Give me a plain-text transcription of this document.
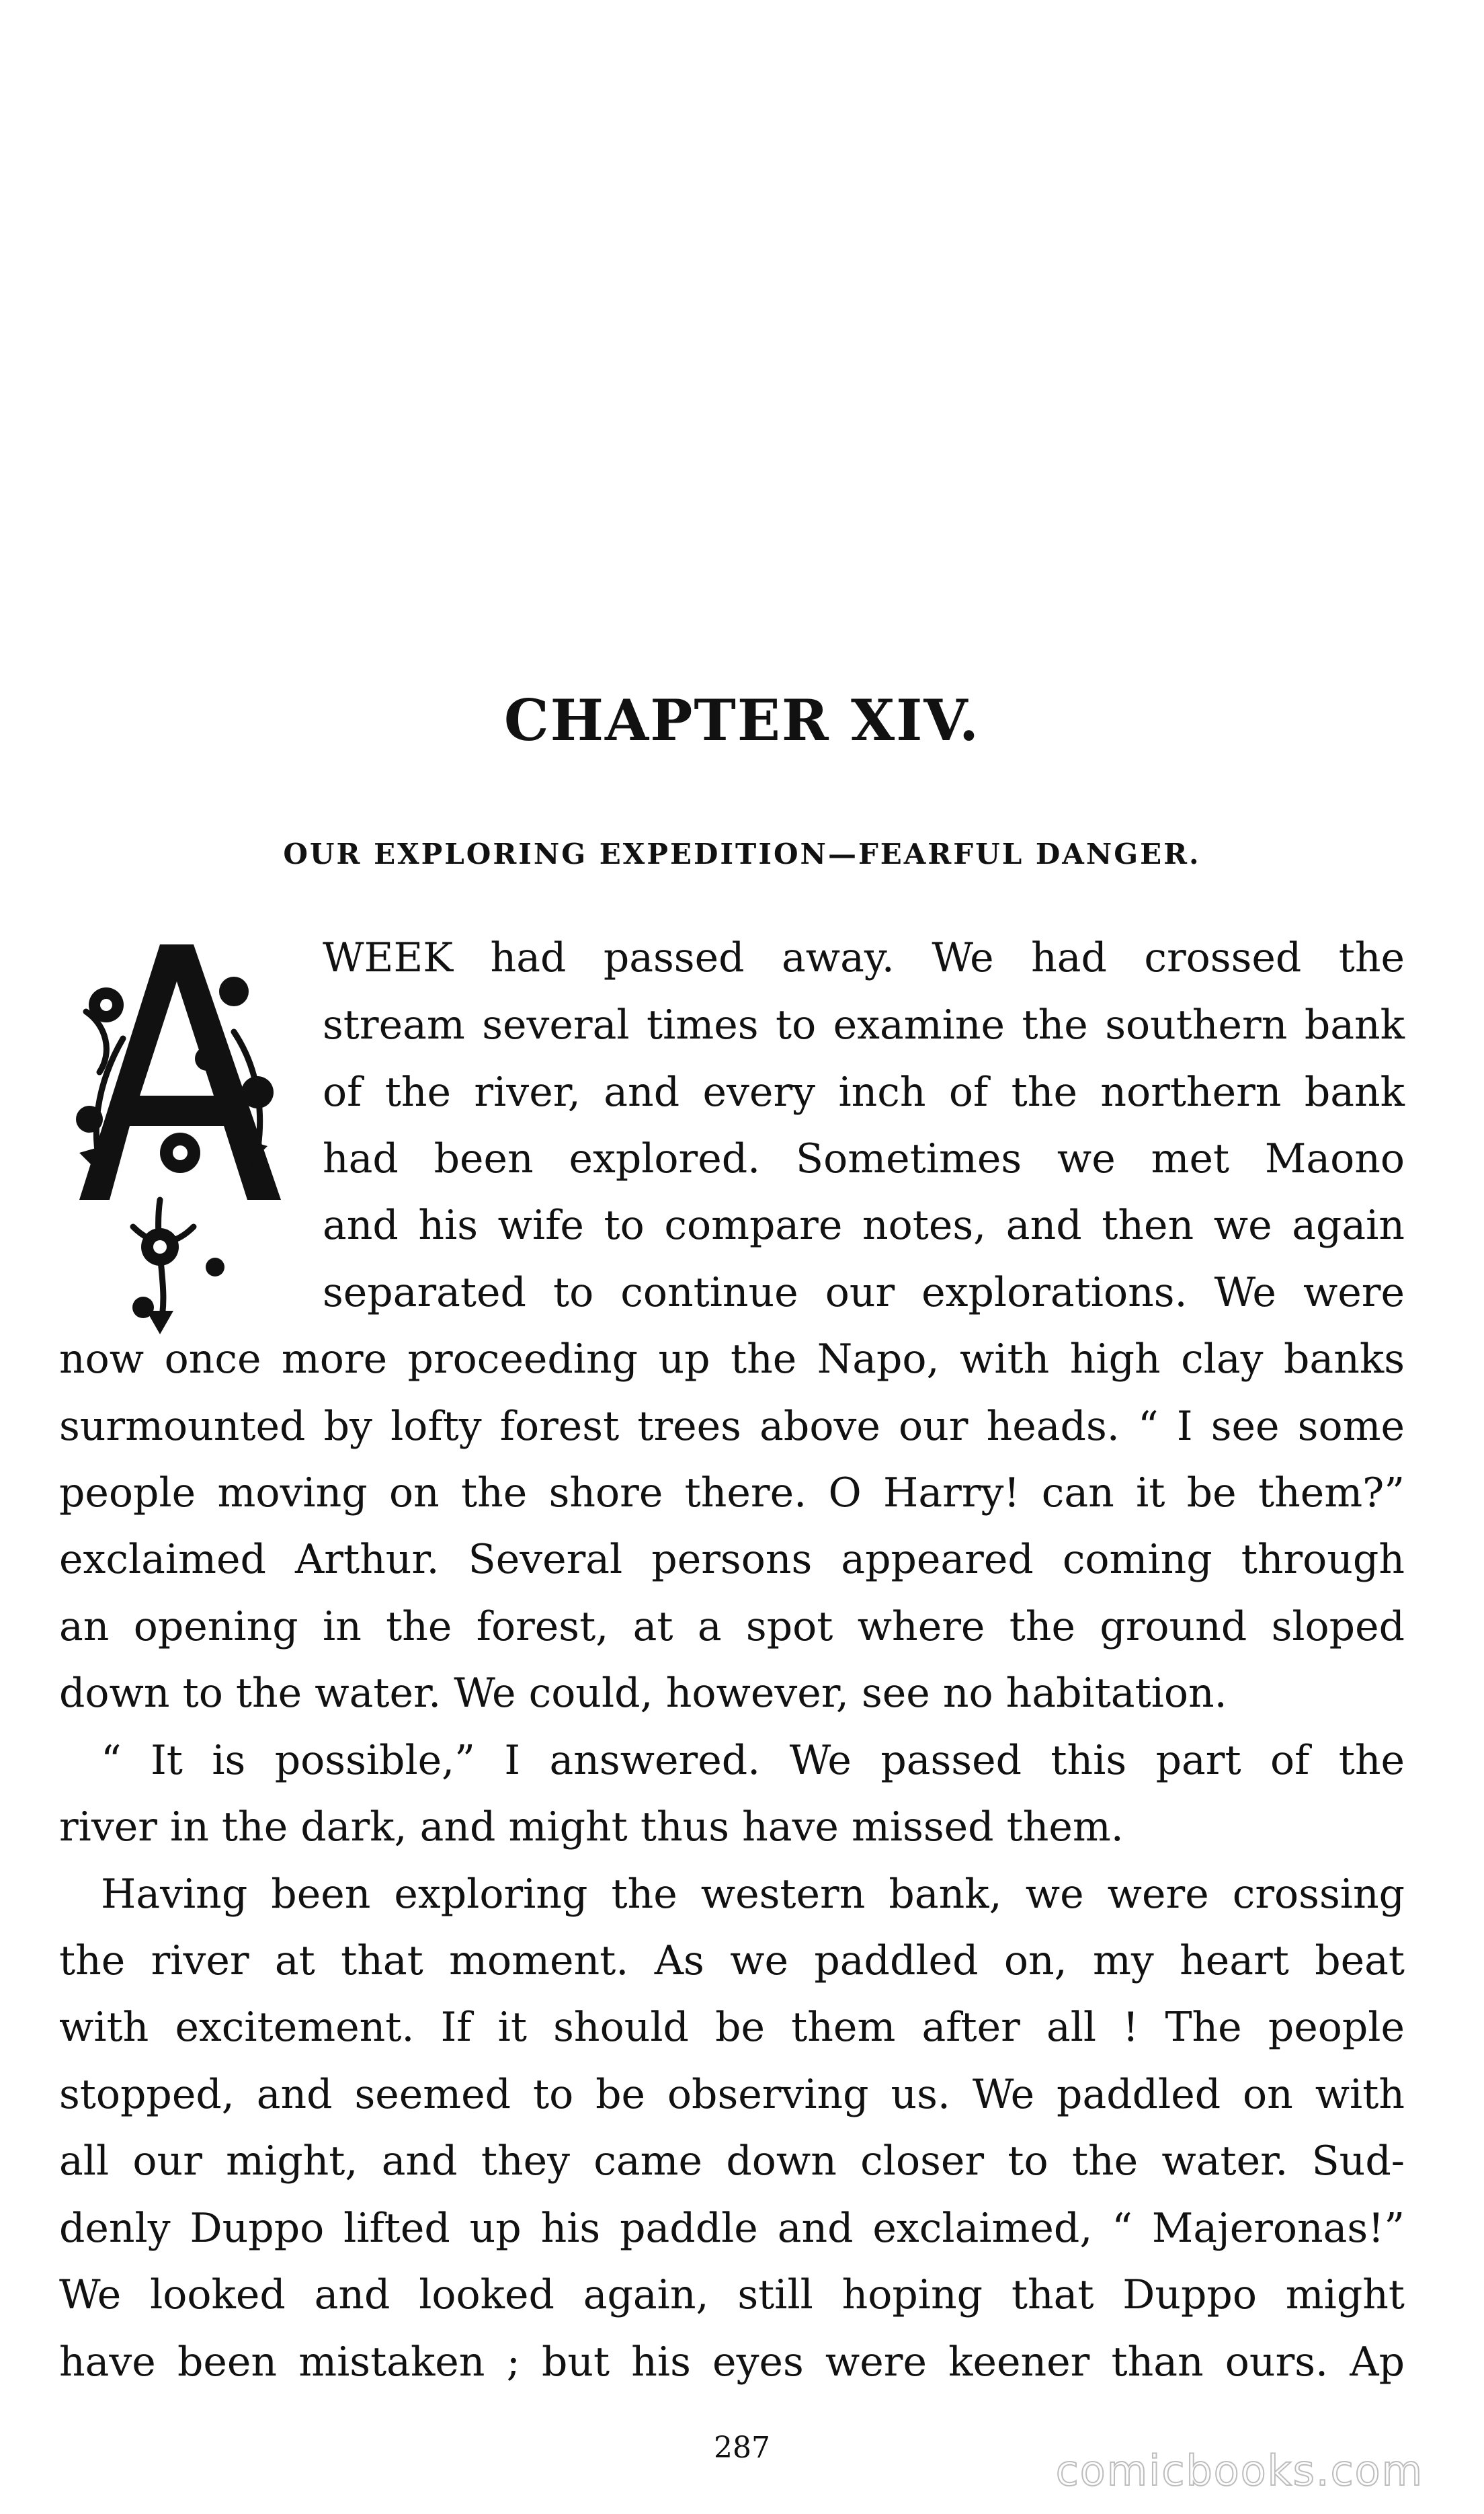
CHAPTER XIV.
OUR EXPLORING EXPEDITION—FEARFUL DANGER.

WEEK had passed away. We had crossed the

stream several times to examine the southern bank

of the river, and every inch of the northern bank

had been explored. Sometimes we met Maono

and his wife to compare notes, and then we again

separated to continue our explorations. We were

now once more proceeding up the Napo, with high clay banks

surmounted by lofty forest trees above our heads. “ I see some

people moving on the shore there. O Harry! can it be them?”

exclaimed Arthur. Several persons appeared coming through

an opening in the forest, at a spot where the ground sloped

down to the water. We could, however, see no habitation.

“ It is possible,” I answered. We passed this part of the

river in the dark, and might thus have missed them.

Having been exploring the western bank, we were crossing

the river at that moment. As we paddled on, my heart beat

with excitement. If it should be them after all ! The people

stopped, and seemed to be observing us. We paddled on with

all our might, and they came down closer to the water. Sud-

denly Duppo lifted up his paddle and exclaimed, “ Majeronas!”

We looked and looked again, still hoping that Duppo might

have been mistaken ; but his eyes were keener than ours. Ap

287	comicbooks.com
